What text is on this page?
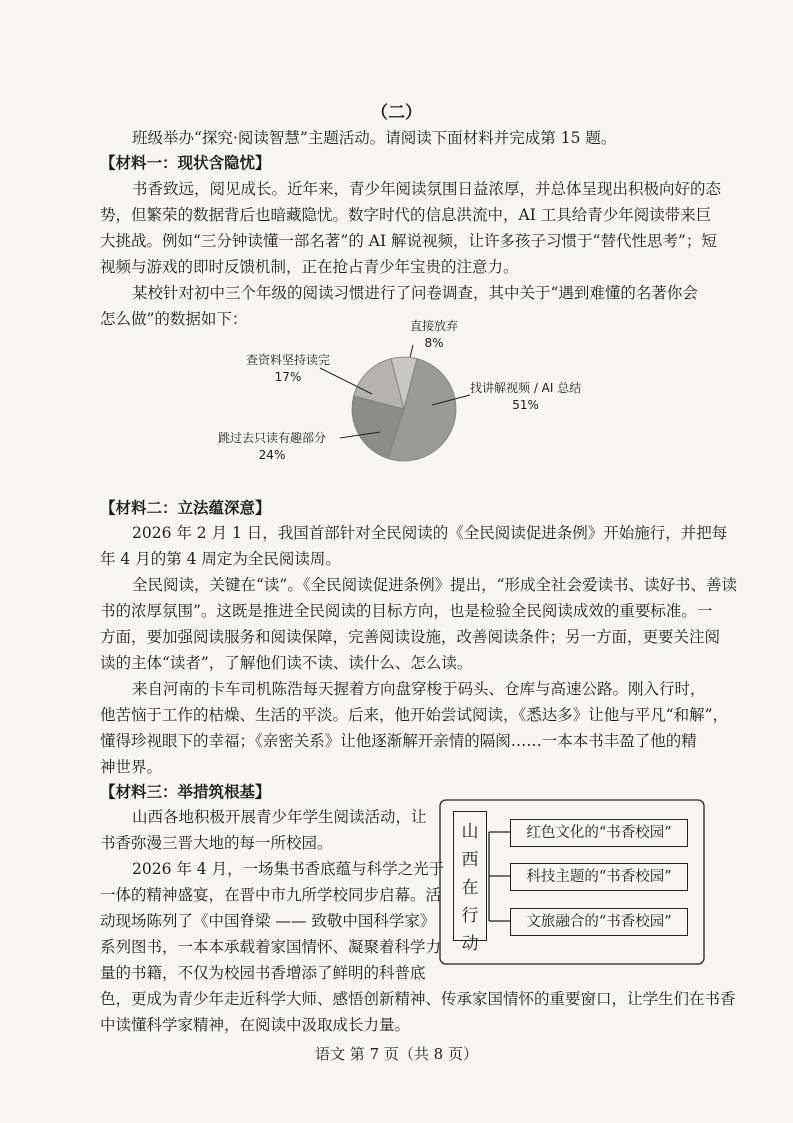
（二）
班级举办“探究·阅读智慧”主题活动。请阅读下面材料并完成第 15 题。
【材料一：现状含隐忧】
书香致远，阅见成长。近年来，青少年阅读氛围日益浓厚，并总体呈现出积极向好的态
势，但繁荣的数据背后也暗藏隐忧。数字时代的信息洪流中，AI 工具给青少年阅读带来巨
大挑战。例如“三分钟读懂一部名著”的 AI 解说视频，让许多孩子习惯于“替代性思考”；短
视频与游戏的即时反馈机制，正在抢占青少年宝贵的注意力。
某校针对初中三个年级的阅读习惯进行了问卷调查，其中关于“遇到难懂的名著你会
怎么做”的数据如下：	直接放弃
8%
查资料坚持读完
17%
找讲解视频 / AI 总结
51%
跳过去只读有趣部分
24%
【材料二：立法蕴深意】
2026 年 2 月 1 日，我国首部针对全民阅读的《全民阅读促进条例》开始施行，并把每
年 4 月的第 4 周定为全民阅读周。
全民阅读，关键在“读”。《全民阅读促进条例》提出，“形成全社会爱读书、读好书、善读
书的浓厚氛围”。这既是推进全民阅读的目标方向，也是检验全民阅读成效的重要标准。一
方面，要加强阅读服务和阅读保障，完善阅读设施，改善阅读条件；另一方面，更要关注阅
读的主体“读者”，了解他们读不读、读什么、怎么读。
来自河南的卡车司机陈浩每天握着方向盘穿梭于码头、仓库与高速公路。刚入行时，
他苦恼于工作的枯燥、生活的平淡。后来，他开始尝试阅读，《悉达多》让他与平凡“和解”，
懂得珍视眼下的幸福；《亲密关系》让他逐渐解开亲情的隔阂……一本本书丰盈了他的精
神世界。
【材料三：举措筑根基】
山西各地积极开展青少年学生阅读活动，让
书香弥漫三晋大地的每一所校园。
2026 年 4 月，一场集书香底蕴与科学之光于
一体的精神盛宴，在晋中市九所学校同步启幕。活
动现场陈列了《中国脊梁 —— 致敬中国科学家》
系列图书，一本本承载着家国情怀、凝聚着科学力
量的书籍，不仅为校园书香增添了鲜明的科普底
色，更成为青少年走近科学大师、感悟创新精神、传承家国情怀的重要窗口，让学生们在书香
中读懂科学家精神，在阅读中汲取成长力量。
山西在行动
红色文化的“书香校园”
科技主题的“书香校园”
文旅融合的“书香校园”
语文 第 7 页（共 8 页）
